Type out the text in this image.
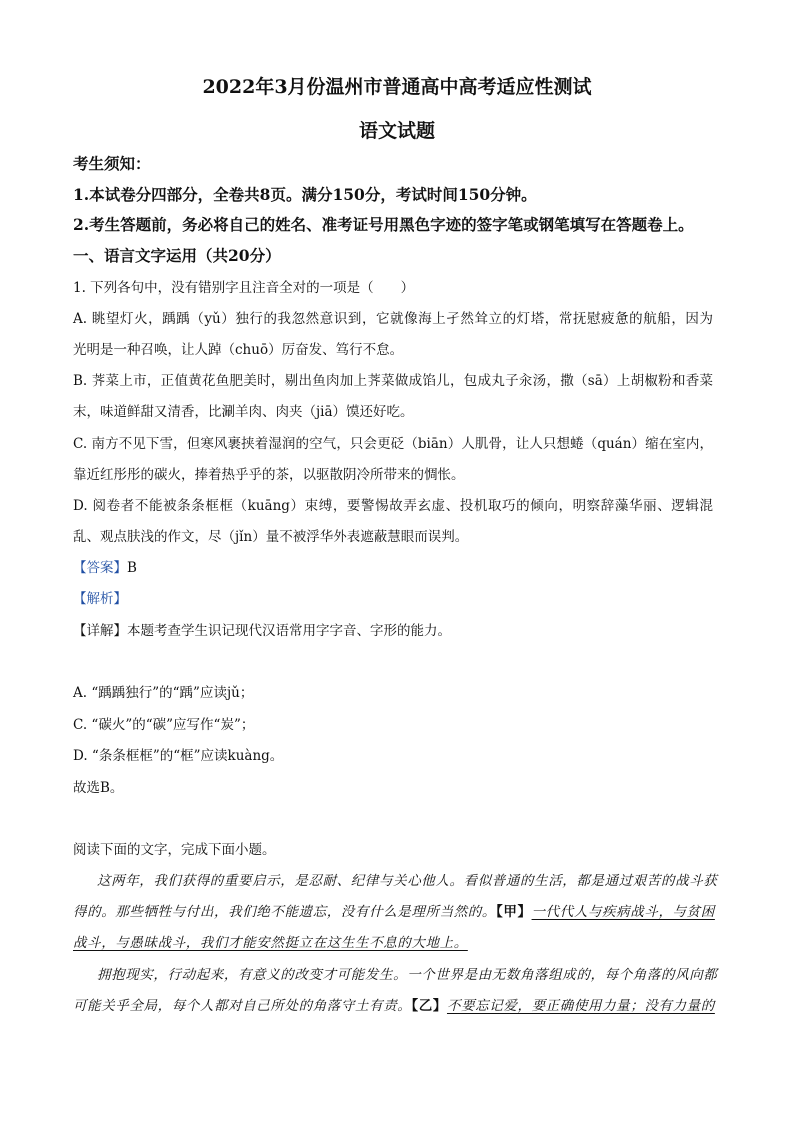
2022年3月份温州市普通高中高考适应性测试
语文试题
考生须知：
1.本试卷分四部分，全卷共8页。满分150分，考试时间150分钟。
2.考生答题前，务必将自己的姓名、准考证号用黑色字迹的签字笔或钢笔填写在答题卷上。
一、语言文字运用（共20分）
1. 下列各句中，没有错别字且注音全对的一项是（　　）
A. 眺望灯火，踽踽（yǔ）独行的我忽然意识到，它就像海上孑然耸立的灯塔，常抚慰疲惫的航船，因为
光明是一种召唤，让人踔（chuō）厉奋发、笃行不怠。
B. 荠菜上市，正值黄花鱼肥美时，剔出鱼肉加上荠菜做成馅儿，包成丸子汆汤，撒（sā）上胡椒粉和香菜
末，味道鲜甜又清香，比涮羊肉、肉夹（jiā）馍还好吃。
C. 南方不见下雪，但寒风裹挟着湿润的空气，只会更砭（biān）人肌骨，让人只想蜷（quán）缩在室内，
靠近红彤彤的碳火，捧着热乎乎的茶，以驱散阴冷所带来的惆怅。
D. 阅卷者不能被条条框框（kuāng）束缚，要警惕故弄玄虚、投机取巧的倾向，明察辞藻华丽、逻辑混
乱、观点肤浅的作文，尽（jǐn）量不被浮华外表遮蔽慧眼而误判。
【答案】B
【解析】
【详解】本题考查学生识记现代汉语常用字字音、字形的能力。
A. “踽踽独行”的“踽”应读jǔ；
C. “碳火”的“碳”应写作“炭”；
D. “条条框框”的“框”应读kuàng。
故选B。
阅读下面的文字，完成下面小题。
这两年，我们获得的重要启示，是忍耐、纪律与关心他人。看似普通的生活，都是通过艰苦的战斗获
得的。那些牺牲与付出，我们绝不能遗忘，没有什么是理所当然的。【甲】一代代人与疾病战斗，与贫困
战斗，与愚昧战斗，我们才能安然挺立在这生生不息的大地上。
拥抱现实，行动起来，有意义的改变才可能发生。一个世界是由无数角落组成的，每个角落的风向都
可能关乎全局，每个人都对自己所处的角落守土有责。【乙】不要忘记爱，要正确使用力量；没有力量的
